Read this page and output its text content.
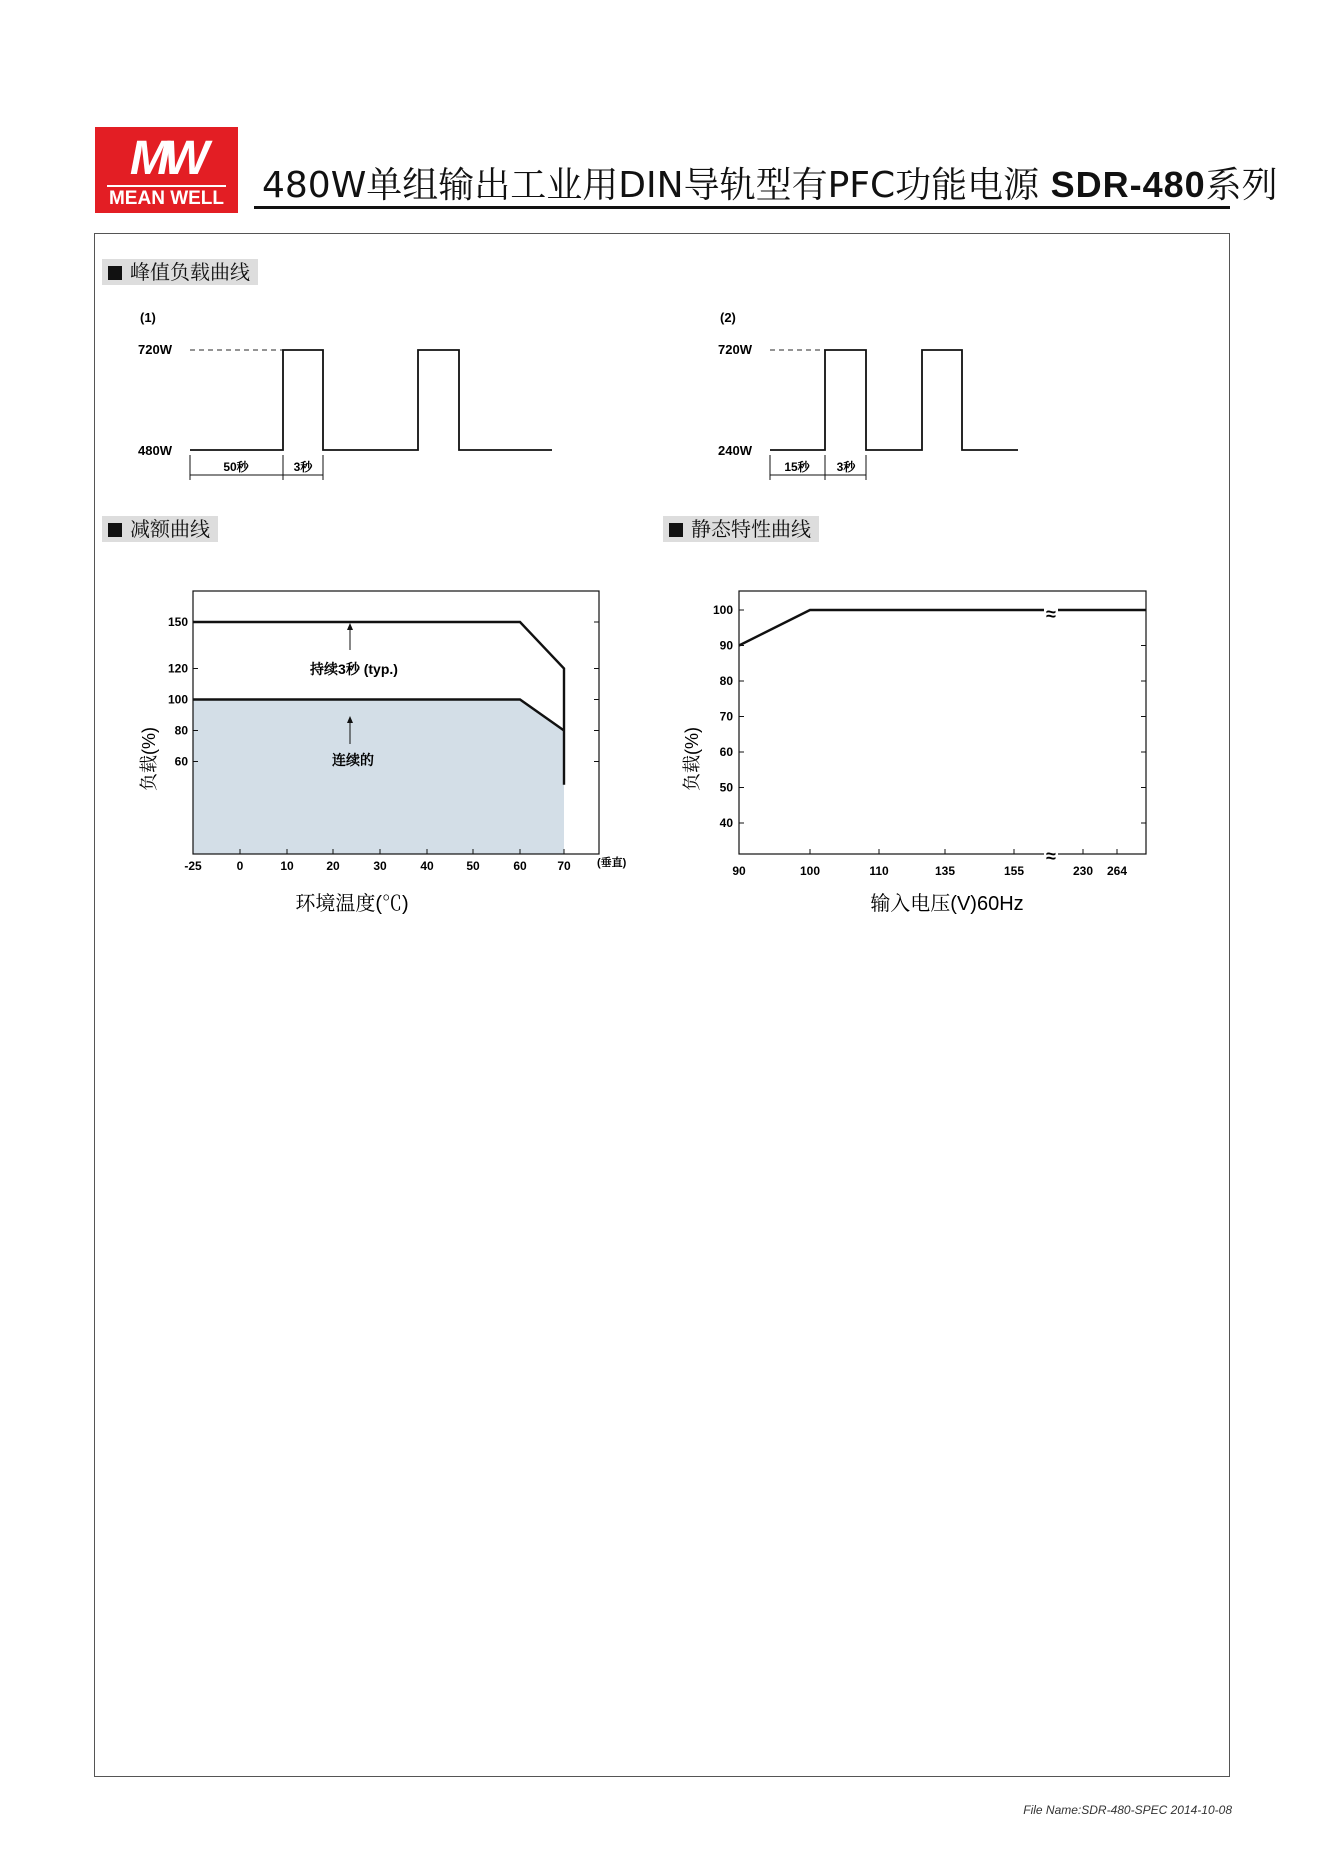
MW
MEAN WELL	480W单组输出工业用DIN导轨型有PFC功能电源 SDR-480系列
峰值负载曲线
减额曲线	静态特性曲线
(1)
720W
480W
50秒	3秒
(2)
720W
240W
15秒 3秒
-25	0	10	20	30	40	50	60	70
150
120
100
80
60
持续3秒 (typ.)
连续的
(垂直)
负载(%)
环境温度(℃)
90	100	110	135	155	230 264
100
90
80
70
60
50
40
≈
≈
负载(%)
输入电压(V)60Hz
File Name:SDR-480-SPEC 2014-10-08
